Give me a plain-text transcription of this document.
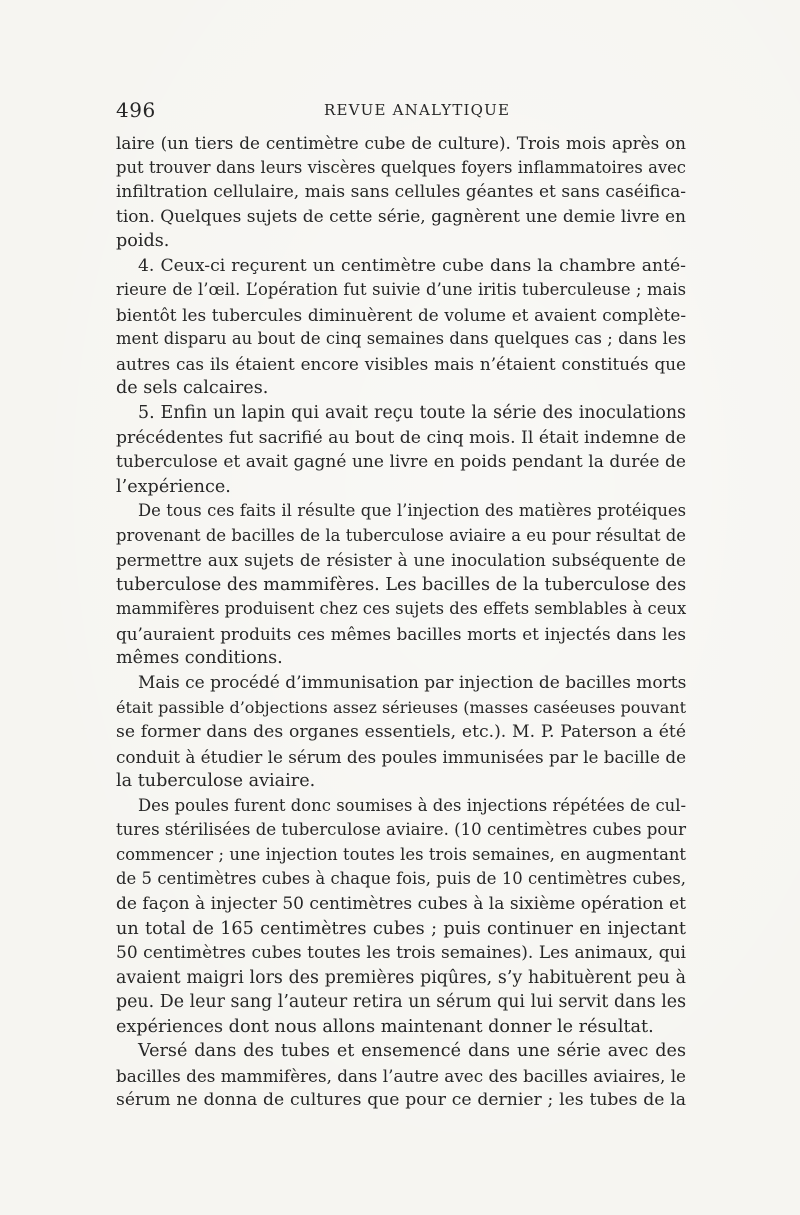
496	REVUE ANALYTIQUE
laire (un tiers de centimètre cube de culture). Trois mois après on
put trouver dans leurs viscères quelques foyers inflammatoires avec
infiltration cellulaire, mais sans cellules géantes et sans caséifica-
tion. Quelques sujets de cette série, gagnèrent une demie livre en
poids.
4. Ceux-ci reçurent un centimètre cube dans la chambre anté-
rieure de l’œil. L’opération fut suivie d’une iritis tuberculeuse ; mais
bientôt les tubercules diminuèrent de volume et avaient complète-
ment disparu au bout de cinq semaines dans quelques cas ; dans les
autres cas ils étaient encore visibles mais n’étaient constitués que
de sels calcaires.
5. Enfin un lapin qui avait reçu toute la série des inoculations
précédentes fut sacrifié au bout de cinq mois. Il était indemne de
tuberculose et avait gagné une livre en poids pendant la durée de
l’expérience.
De tous ces faits il résulte que l’injection des matières protéiques
provenant de bacilles de la tuberculose aviaire a eu pour résultat de
permettre aux sujets de résister à une inoculation subséquente de
tuberculose des mammifères. Les bacilles de la tuberculose des
mammifères produisent chez ces sujets des effets semblables à ceux
qu’auraient produits ces mêmes bacilles morts et injectés dans les
mêmes conditions.
Mais ce procédé d’immunisation par injection de bacilles morts
était passible d’objections assez sérieuses (masses caséeuses pouvant
se former dans des organes essentiels, etc.). M. P. Paterson a été
conduit à étudier le sérum des poules immunisées par le bacille de
la tuberculose aviaire.
Des poules furent donc soumises à des injections répétées de cul-
tures stérilisées de tuberculose aviaire. (10 centimètres cubes pour
commencer ; une injection toutes les trois semaines, en augmentant
de 5 centimètres cubes à chaque fois, puis de 10 centimètres cubes,
de façon à injecter 50 centimètres cubes à la sixième opération et
un total de 165 centimètres cubes ; puis continuer en injectant
50 centimètres cubes toutes les trois semaines). Les animaux, qui
avaient maigri lors des premières piqûres, s’y habituèrent peu à
peu. De leur sang l’auteur retira un sérum qui lui servit dans les
expériences dont nous allons maintenant donner le résultat.
Versé dans des tubes et ensemencé dans une série avec des
bacilles des mammifères, dans l’autre avec des bacilles aviaires, le
sérum ne donna de cultures que pour ce dernier ; les tubes de la
